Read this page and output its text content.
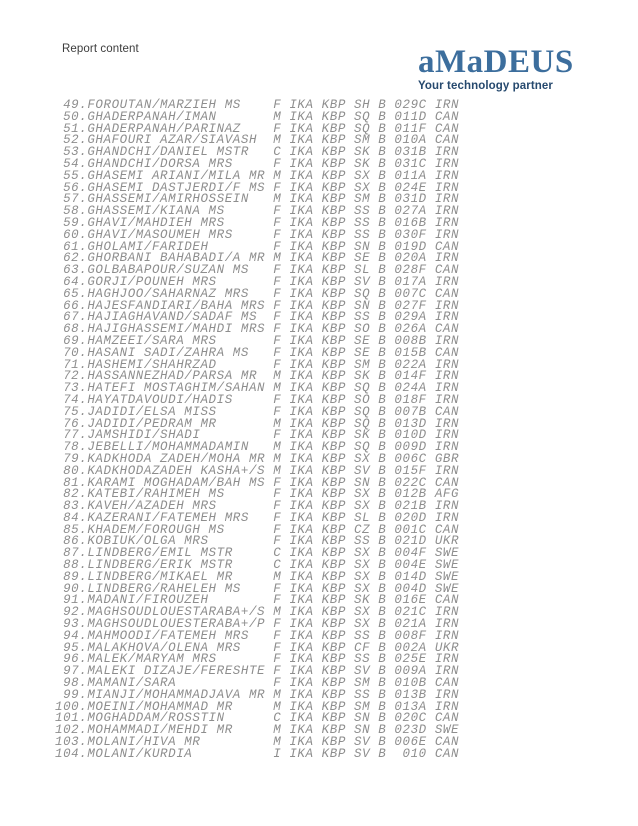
Report content	aMaDEUS
Your technology partner
49.FOROUTAN/MARZIEH MS    F IKA KBP SH B 029C IRN
50.GHADERPANAH/IMAN       M IKA KBP SQ B 011D CAN
51.GHADERPANAH/PARINAZ    F IKA KBP SQ B 011F CAN
52.GHAFOURI AZAR/SIAVASH  M IKA KBP SM B 010A CAN
53.GHANDCHI/DANIEL MSTR   C IKA KBP SK B 031B IRN
54.GHANDCHI/DORSA MRS     F IKA KBP SK B 031C IRN
55.GHASEMI ARIANI/MILA MR M IKA KBP SX B 011A IRN
56.GHASEMI DASTJERDI/F MS F IKA KBP SX B 024E IRN
57.GHASSEMI/AMIRHOSSEIN   M IKA KBP SM B 031D IRN
58.GHASSEMI/KIANA MS      F IKA KBP SS B 027A IRN
59.GHAVI/MAHDIEH MRS      F IKA KBP SS B 016B IRN
60.GHAVI/MASOUMEH MRS     F IKA KBP SS B 030F IRN
61.GHOLAMI/FARIDEH        F IKA KBP SN B 019D CAN
62.GHORBANI BAHABADI/A MR M IKA KBP SE B 020A IRN
63.GOLBABAPOUR/SUZAN MS   F IKA KBP SL B 028F CAN
64.GORJI/POUNEH MRS       F IKA KBP SV B 017A IRN
65.HAGHJOO/SAHARNAZ MRS   F IKA KBP SQ B 007C CAN
66.HAJESFANDIARI/BAHA MRS F IKA KBP SN B 027F IRN
67.HAJIAGHAVAND/SADAF MS  F IKA KBP SS B 029A IRN
68.HAJIGHASSEMI/MAHDI MRS F IKA KBP SO B 026A CAN
69.HAMZEEI/SARA MRS       F IKA KBP SE B 008B IRN
70.HASANI SADI/ZAHRA MS   F IKA KBP SE B 015B CAN
71.HASHEMI/SHAHRZAD       F IKA KBP SM B 022A IRN
72.HASSANNEZHAD/PARSA MR  M IKA KBP SK B 014F IRN
73.HATEFI MOSTAGHIM/SAHAN M IKA KBP SQ B 024A IRN
74.HAYATDAVOUDI/HADIS     F IKA KBP SO B 018F IRN
75.JADIDI/ELSA MISS       F IKA KBP SQ B 007B CAN
76.JADIDI/PEDRAM MR       M IKA KBP SQ B 013D IRN
77.JAMSHIDI/SHADI         F IKA KBP SK B 010D IRN
78.JEBELLI/MOHAMMADAMIN   M IKA KBP SQ B 009D IRN
79.KADKHODA ZADEH/MOHA MR M IKA KBP SX B 006C GBR
80.KADKHODAZADEH KASHA+/S M IKA KBP SV B 015F IRN
81.KARAMI MOGHADAM/BAH MS F IKA KBP SN B 022C CAN
82.KATEBI/RAHIMEH MS      F IKA KBP SX B 012B AFG
83.KAVEH/AZADEH MRS       F IKA KBP SX B 021B IRN
84.KAZERANI/FATEMEH MRS   F IKA KBP SL B 020D IRN
85.KHADEM/FOROUGH MS      F IKA KBP CZ B 001C CAN
86.KOBIUK/OLGA MRS        F IKA KBP SS B 021D UKR
87.LINDBERG/EMIL MSTR     C IKA KBP SX B 004F SWE
88.LINDBERG/ERIK MSTR     C IKA KBP SX B 004E SWE
89.LINDBERG/MIKAEL MR     M IKA KBP SX B 014D SWE
90.LINDBERG/RAHELEH MS    F IKA KBP SX B 004D SWE
91.MADANI/FIROUZEH        F IKA KBP SK B 016E CAN
92.MAGHSOUDLOUESTARABA+/S M IKA KBP SX B 021C IRN
93.MAGHSOUDLOUESTERABA+/P F IKA KBP SX B 021A IRN
94.MAHMOODI/FATEMEH MRS   F IKA KBP SS B 008F IRN
95.MALAKHOVA/OLENA MRS    F IKA KBP CF B 002A UKR
96.MALEK/MARYAM MRS       F IKA KBP SS B 025E IRN
97.MALEKI DIZAJE/FERESHTE F IKA KBP SV B 009A IRN
98.MAMANI/SARA            F IKA KBP SM B 010B CAN
99.MIANJI/MOHAMMADJAVA MR M IKA KBP SS B 013B IRN
100.MOEINI/MOHAMMAD MR     M IKA KBP SM B 013A IRN
101.MOGHADDAM/ROSSTIN      C IKA KBP SN B 020C CAN
102.MOHAMMADI/MEHDI MR     M IKA KBP SN B 023D SWE
103.MOLANI/HIVA MR         M IKA KBP SV B 006E CAN
104.MOLANI/KURDIA          I IKA KBP SV B  010 CAN
